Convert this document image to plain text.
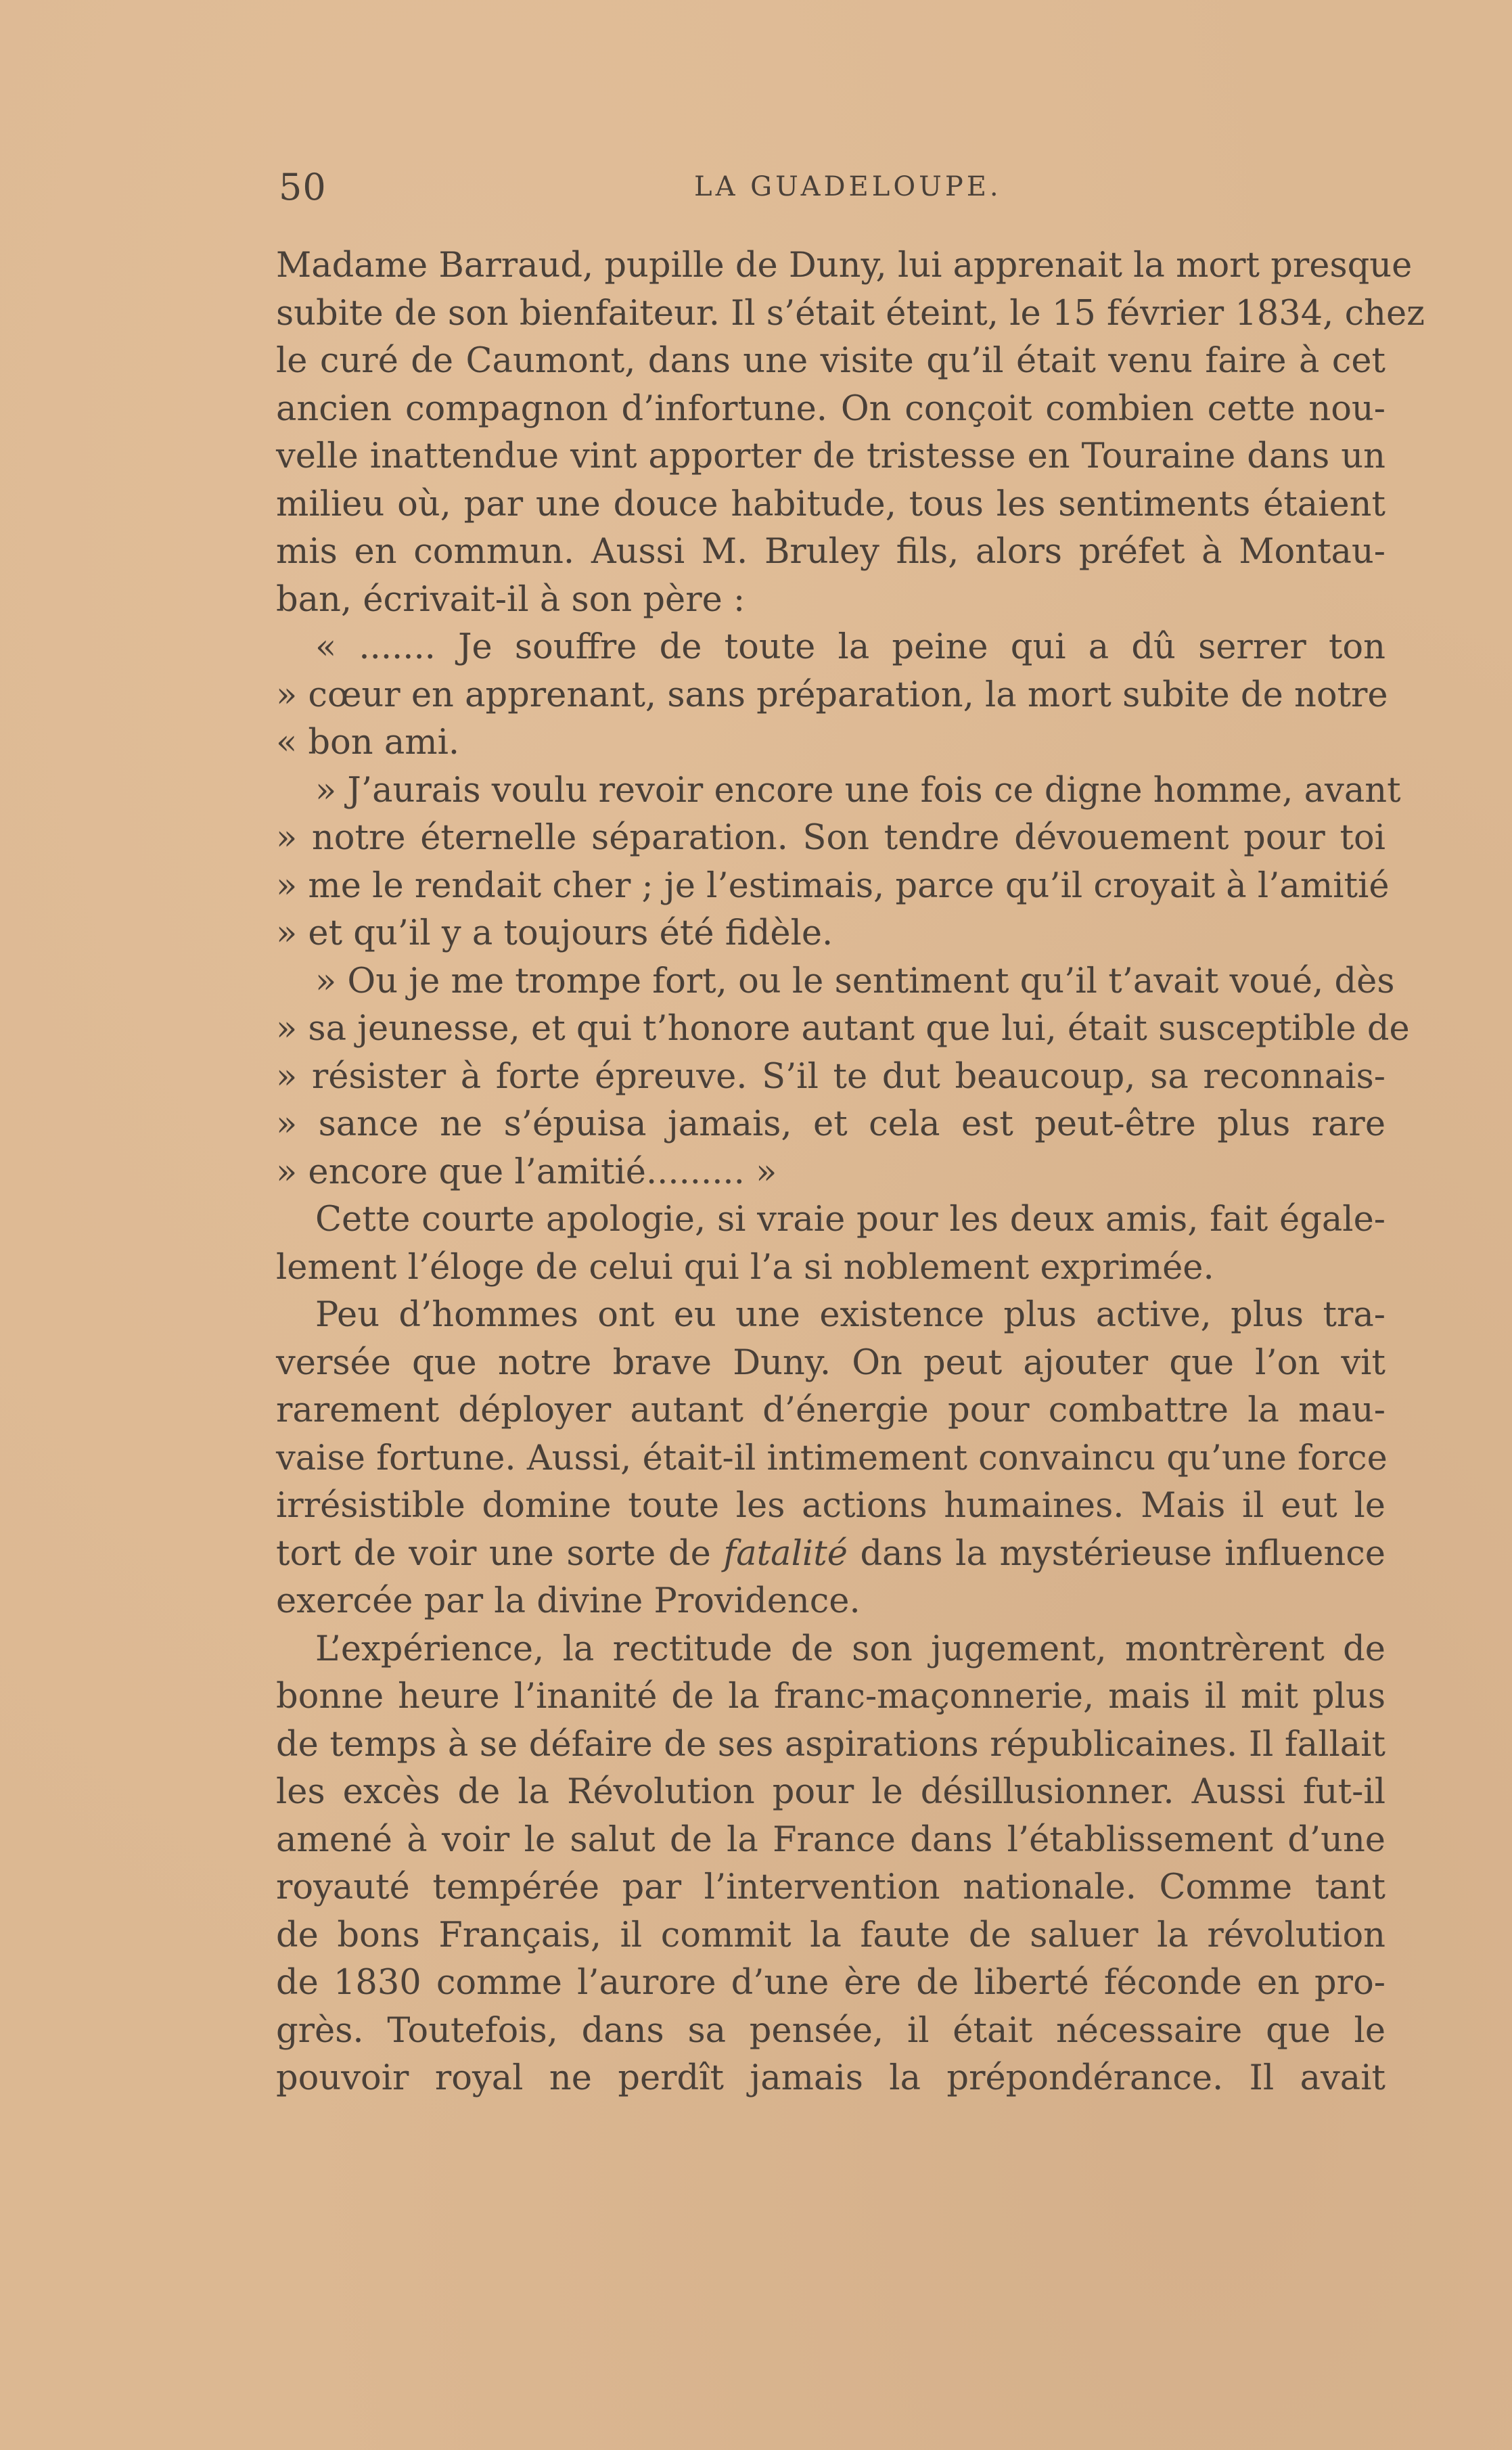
50	LA GUADELOUPE.
Madame Barraud, pupille de Duny, lui apprenait la mort presque
subite de son bienfaiteur. Il s’était éteint, le 15 février 1834, chez
le curé de Caumont, dans une visite qu’il était venu faire à cet
ancien compagnon d’infortune. On conçoit combien cette nou-
velle inattendue vint apporter de tristesse en Touraine dans un
milieu où, par une douce habitude, tous les sentiments étaient
mis en commun. Aussi M. Bruley fils, alors préfet à Montau-
ban, écrivait-il à son père :
« ....... Je souffre de toute la peine qui a dû serrer ton
» cœur en apprenant, sans préparation, la mort subite de notre
« bon ami.
» J’aurais voulu revoir encore une fois ce digne homme, avant
» notre éternelle séparation. Son tendre dévouement pour toi
» me le rendait cher ; je l’estimais, parce qu’il croyait à l’amitié
» et qu’il y a toujours été fidèle.
» Ou je me trompe fort, ou le sentiment qu’il t’avait voué, dès
» sa jeunesse, et qui t’honore autant que lui, était susceptible de
» résister à forte épreuve. S’il te dut beaucoup, sa reconnais-
» sance ne s’épuisa jamais, et cela est peut-être plus rare
» encore que l’amitié......... »
Cette courte apologie, si vraie pour les deux amis, fait égale-
lement l’éloge de celui qui l’a si noblement exprimée.
Peu d’hommes ont eu une existence plus active, plus tra-
versée que notre brave Duny. On peut ajouter que l’on vit
rarement déployer autant d’énergie pour combattre la mau-
vaise fortune. Aussi, était-il intimement convaincu qu’une force
irrésistible domine toute les actions humaines. Mais il eut le
tort de voir une sorte de fatalité dans la mystérieuse influence
exercée par la divine Providence.
L’expérience, la rectitude de son jugement, montrèrent de
bonne heure l’inanité de la franc-maçonnerie, mais il mit plus
de temps à se défaire de ses aspirations républicaines. Il fallait
les excès de la Révolution pour le désillusionner. Aussi fut-il
amené à voir le salut de la France dans l’établissement d’une
royauté tempérée par l’intervention nationale. Comme tant
de bons Français, il commit la faute de saluer la révolution
de 1830 comme l’aurore d’une ère de liberté féconde en pro-
grès. Toutefois, dans sa pensée, il était nécessaire que le
pouvoir royal ne perdît jamais la prépondérance. Il avait
